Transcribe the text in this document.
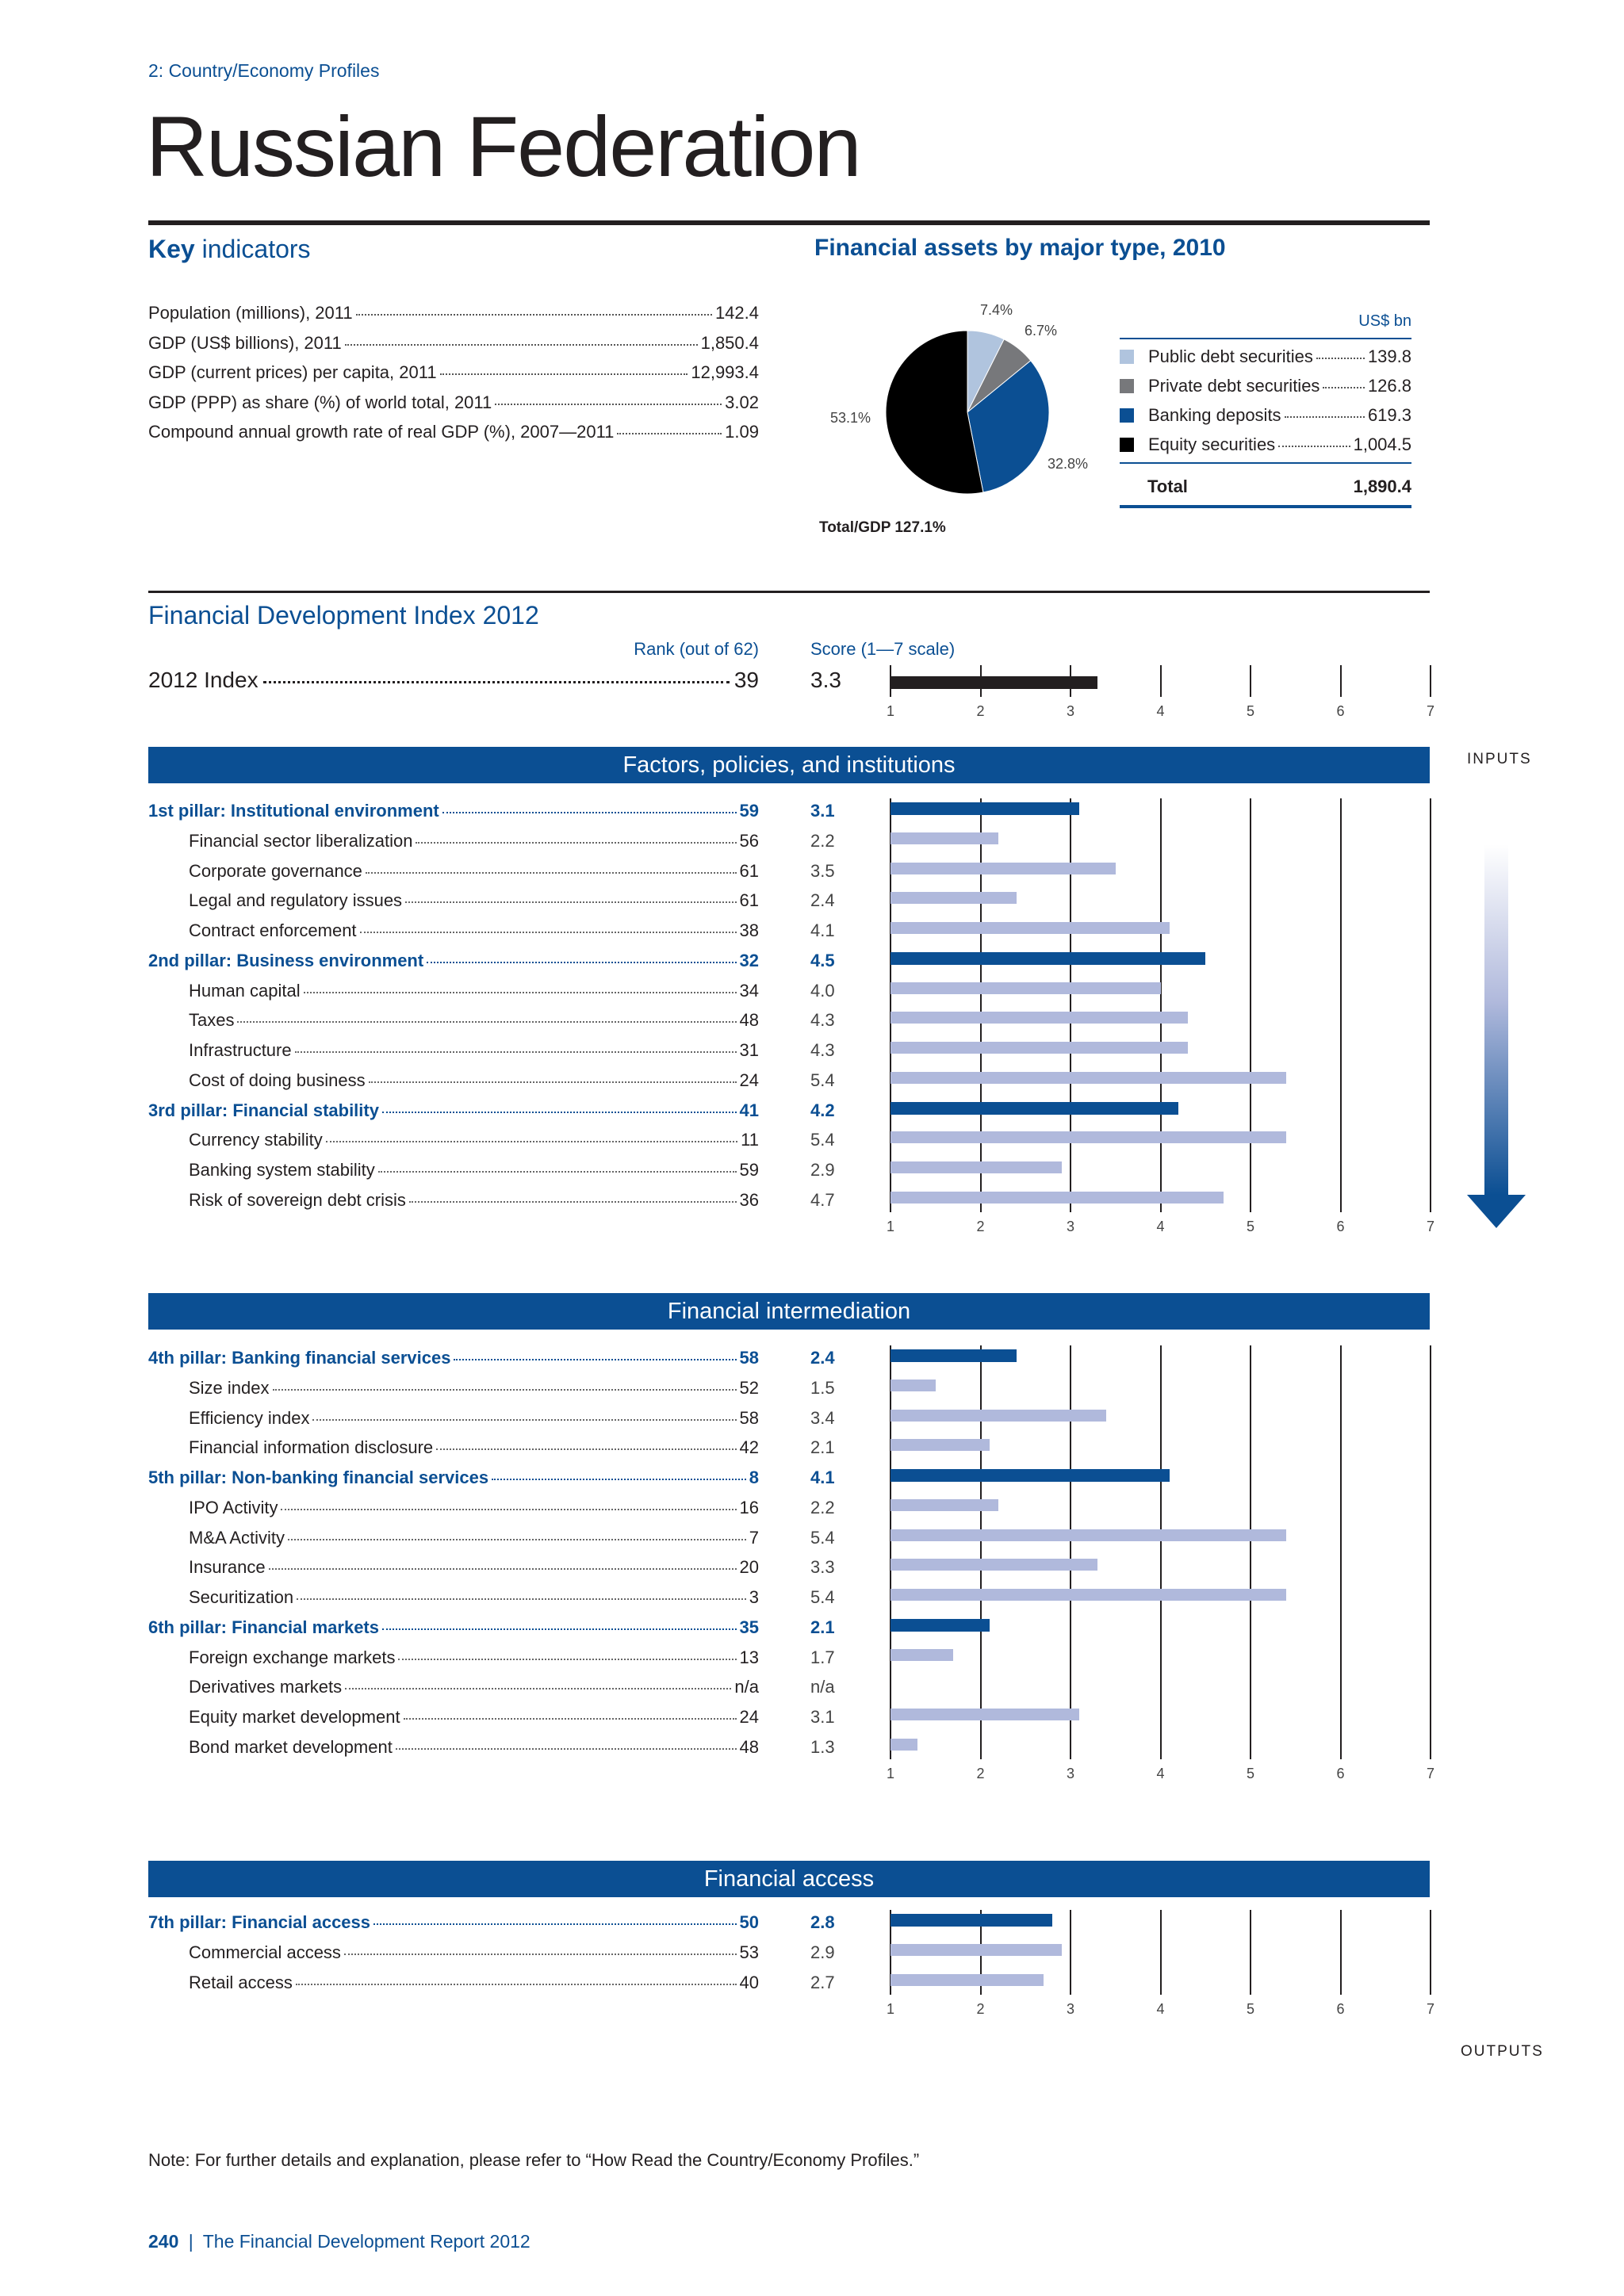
2: Country/Economy Profiles
Russian Federation
Key indicators
Population (millions), 2011	142.4
GDP (US$ billions), 2011	1,850.4
GDP (current prices) per capita, 2011	12,993.4
GDP (PPP) as share (%) of world total, 2011	3.02
Compound annual growth rate of real GDP (%), 2007—2011	1.09
Financial assets by major type, 2010
7.4%
6.7%
32.8%
53.1%
Total/GDP 127.1%
US$ bn
Public debt securities	139.8
Private debt securities	126.8
Banking deposits	619.3
Equity securities	1,004.5
Total	1,890.4
Financial Development Index 2012
Rank (out of 62)	Score (1—7 scale)
2012 Index	39 3.3
1	2	3	4	5	6	7
Factors, policies, and institutions
1	2	3	4	5	6	7
1st pillar: Institutional environment	59	3.1
Financial sector liberalization	56	2.2
Corporate governance	61	3.5
Legal and regulatory issues	61	2.4
Contract enforcement	38	4.1
2nd pillar: Business environment	32	4.5
Human capital	34	4.0
Taxes	48	4.3
Infrastructure	31	4.3
Cost of doing business	24	5.4
3rd pillar: Financial stability	41	4.2
Currency stability	11	5.4
Banking system stability	59	2.9
Risk of sovereign debt crisis	36	4.7
Financial intermediation
1	2	3	4	5	6	7
4th pillar: Banking financial services	58	2.4
Size index	52	1.5
Efficiency index	58	3.4
Financial information disclosure	42	2.1
5th pillar: Non-banking financial services	8	4.1
IPO Activity	16	2.2
M&A Activity	7	5.4
Insurance	20	3.3
Securitization	3	5.4
6th pillar: Financial markets	35	2.1
Foreign exchange markets	13	1.7
Derivatives markets	n/a	n/a
Equity market development	24	3.1
Bond market development	48	1.3
Financial access
1	2	3	4	5	6	7
7th pillar: Financial access	50	2.8
Commercial access	53	2.9
Retail access	40	2.7
INPUTS
OUTPUTS
Note: For further details and explanation, please refer to “How Read the Country/Economy Profiles.”
240 | The Financial Development Report 2012
